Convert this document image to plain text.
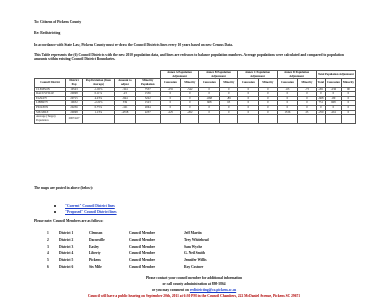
To: Citizens of Pickens County
Re: Redistricting
In accordance with State Law, Pickens County must re-draw the Council Districts lines every 10 years based on new Census Data.
This Table represents the (6) Council Districts with the new 2010 population data, and lines are redrawn to balance population numbers. Acreage populations were calculated and compared to population amounts within existing Council District Boundaries.
					Annex A Population Adjustment		Annex B Population Adjustment		Annex C Population Adjustment		Annex D Population Adjustment		Total Population Adjustment		
Council District	District Pop	Pop Deviation (from Average)	Amount to adjust	Minority Population	Caucasian	Minority	Caucasian	Minority	Caucasian	Minority	Caucasian	Minority	Total	Caucasian	Minority
CLEMSON	19543	-1.65%	-324	7537	-255	-542	0	0	0	0	-63	-73	-261	-236	90
DACUSVILLE	20098	0.11%	-23	1536	0	0	0	0	0	0	0	0	0	0	0
EASLEY	20715	4.23%	-844	3222	0	0	-668	-89	0	0	0	0	-668	-89	0
LIBERTY	19652	-2.22%	539	1523	0	0	668	63	0	0	0	0	751	668	0
PICKENS	20236	0.75%	-161	2064	0	0	0	0	0	0	0	0	0	0	0
SIX MILE	20098	1.13%	-4558	2237	-225	-262	0	0	0	0	1536	23	-250	-261	0
Average (Target) Population	20074.67														
The maps are posted in above (below):
"Current" Council District lines
"Proposed" Council District lines
Please note: Council Members are as follows:
1	District 1	Clemson	Council Member	Jeff Martin
2	District 2	Dacusville	Council Member	Trey Whitehead
3	District 3	Easley	Council Member	Sam Wyche
4	District 4	Liberty	Council Member	G. Neil Smith
5	District 5	Pickens	Council Member	Jennifer Willis
6	District 6	Six Mile	Council Member	Roy Costner
Please contact your council member for additional information
or call county administration at 898-5864
or you may comment on redistricting@co.pickens.sc.us
Council will have a public hearing on September 20th, 2011 at 6:30 PM in the Council Chambers, 222 McDaniel Avenue, Pickens SC 29671
